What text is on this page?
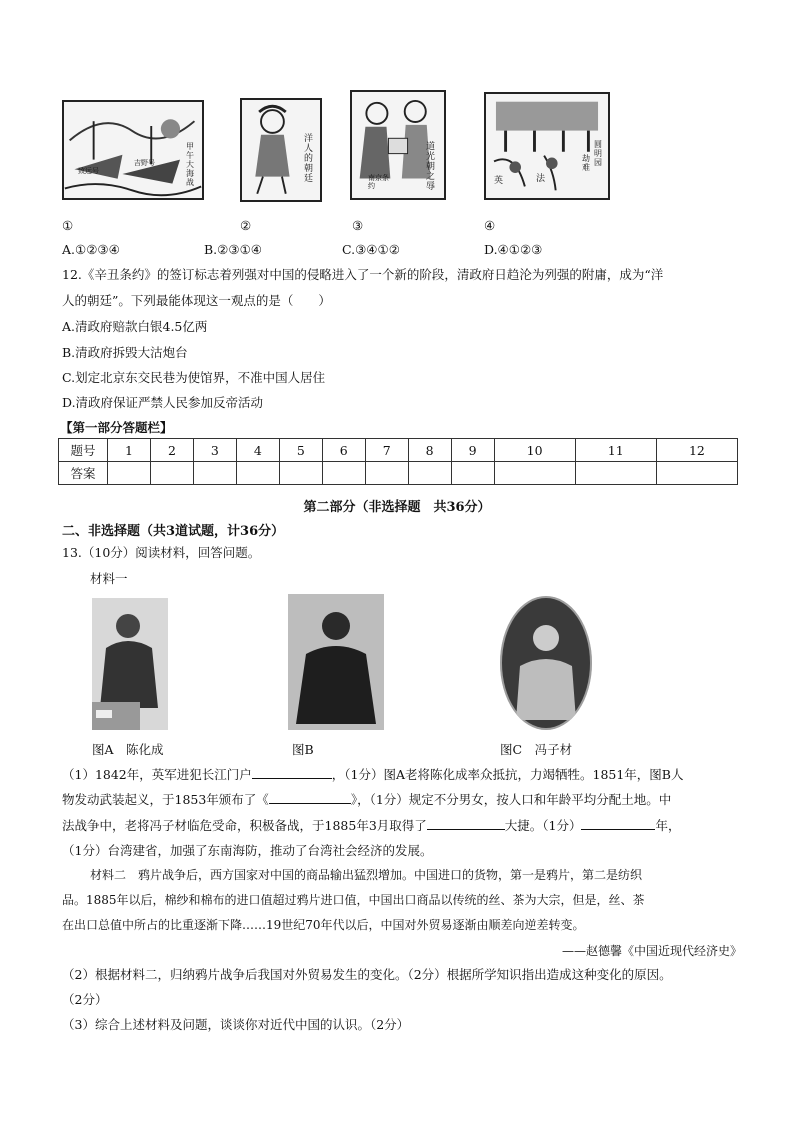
甲午大海战
致远号
吉野号
洋人的朝廷
道光朝之辱
南京条约
圆明园
劫难
英	法
①	②	③	④
A.①②③④	B.②③①④	C.③④①②	D.④①②③
12.《辛丑条约》的签订标志着列强对中国的侵略进入了一个新的阶段，清政府日趋沦为列强的附庸，成为“洋
人的朝廷”。下列最能体现这一观点的是（　　）
A.清政府赔款白银4.5亿两
B.清政府拆毁大沽炮台
C.划定北京东交民巷为使馆界，不准中国人居住
D.清政府保证严禁人民参加反帝活动
【第一部分答题栏】
题号	1	2	3	4	5	6	7	8	9	10	11	12
答案												
第二部分（非选择题　共36分）
二、非选择题（共3道试题，计36分）
13.（10分）阅读材料，回答问题。
材料一
图A　陈化成	图B	图C　冯子材
（1）1842年，英军进犯长江门户	，（1分）图A老将陈化成率众抵抗，力竭牺牲。1851年，图B人
物发动武装起义，于1853年颁布了《	》，（1分）规定不分男女，按人口和年龄平均分配土地。中
法战争中，老将冯子材临危受命，积极备战，于1885年3月取得了	大捷。（1分）	年，
（1分）台湾建省，加强了东南海防，推动了台湾社会经济的发展。
材料二　鸦片战争后，西方国家对中国的商品输出猛烈增加。中国进口的货物，第一是鸦片，第二是纺织
品。1885年以后，棉纱和棉布的进口值超过鸦片进口值，中国出口商品以传统的丝、茶为大宗，但是，丝、茶
在出口总值中所占的比重逐渐下降……19世纪70年代以后，中国对外贸易逐渐由顺差向逆差转变。
——赵德馨《中国近现代经济史》
（2）根据材料二，归纳鸦片战争后我国对外贸易发生的变化。（2分）根据所学知识指出造成这种变化的原因。
（2分）
（3）综合上述材料及问题，谈谈你对近代中国的认识。（2分）
